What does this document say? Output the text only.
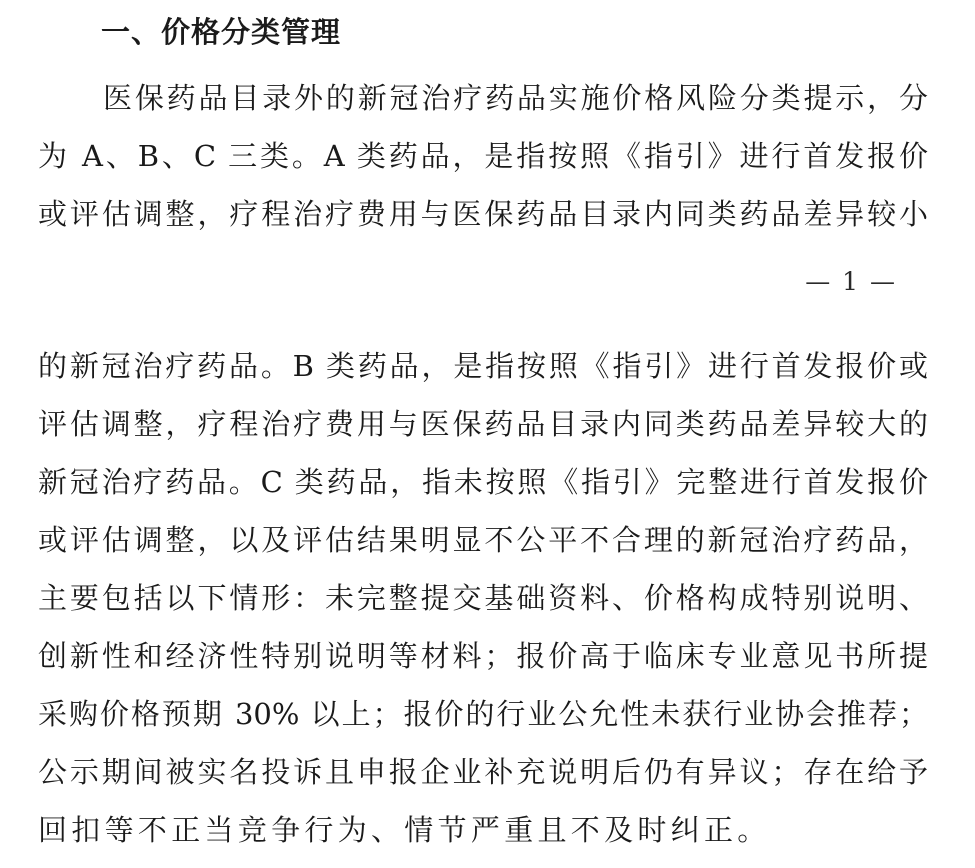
一、价格分类管理

医保药品目录外的新冠治疗药品实施价格风险分类提示，分

为 A、B、C 三类。A 类药品，是指按照《指引》进行首发报价

或评估调整，疗程治疗费用与医保药品目录内同类药品差异较小

— 1 —

的新冠治疗药品。B 类药品，是指按照《指引》进行首发报价或

评估调整，疗程治疗费用与医保药品目录内同类药品差异较大的

新冠治疗药品。C 类药品，指未按照《指引》完整进行首发报价

或评估调整，以及评估结果明显不公平不合理的新冠治疗药品，

主要包括以下情形：未完整提交基础资料、价格构成特别说明、

创新性和经济性特别说明等材料；报价高于临床专业意见书所提

采购价格预期 30% 以上；报价的行业公允性未获行业协会推荐；

公示期间被实名投诉且申报企业补充说明后仍有异议；存在给予

回扣等不正当竞争行为、情节严重且不及时纠正。
